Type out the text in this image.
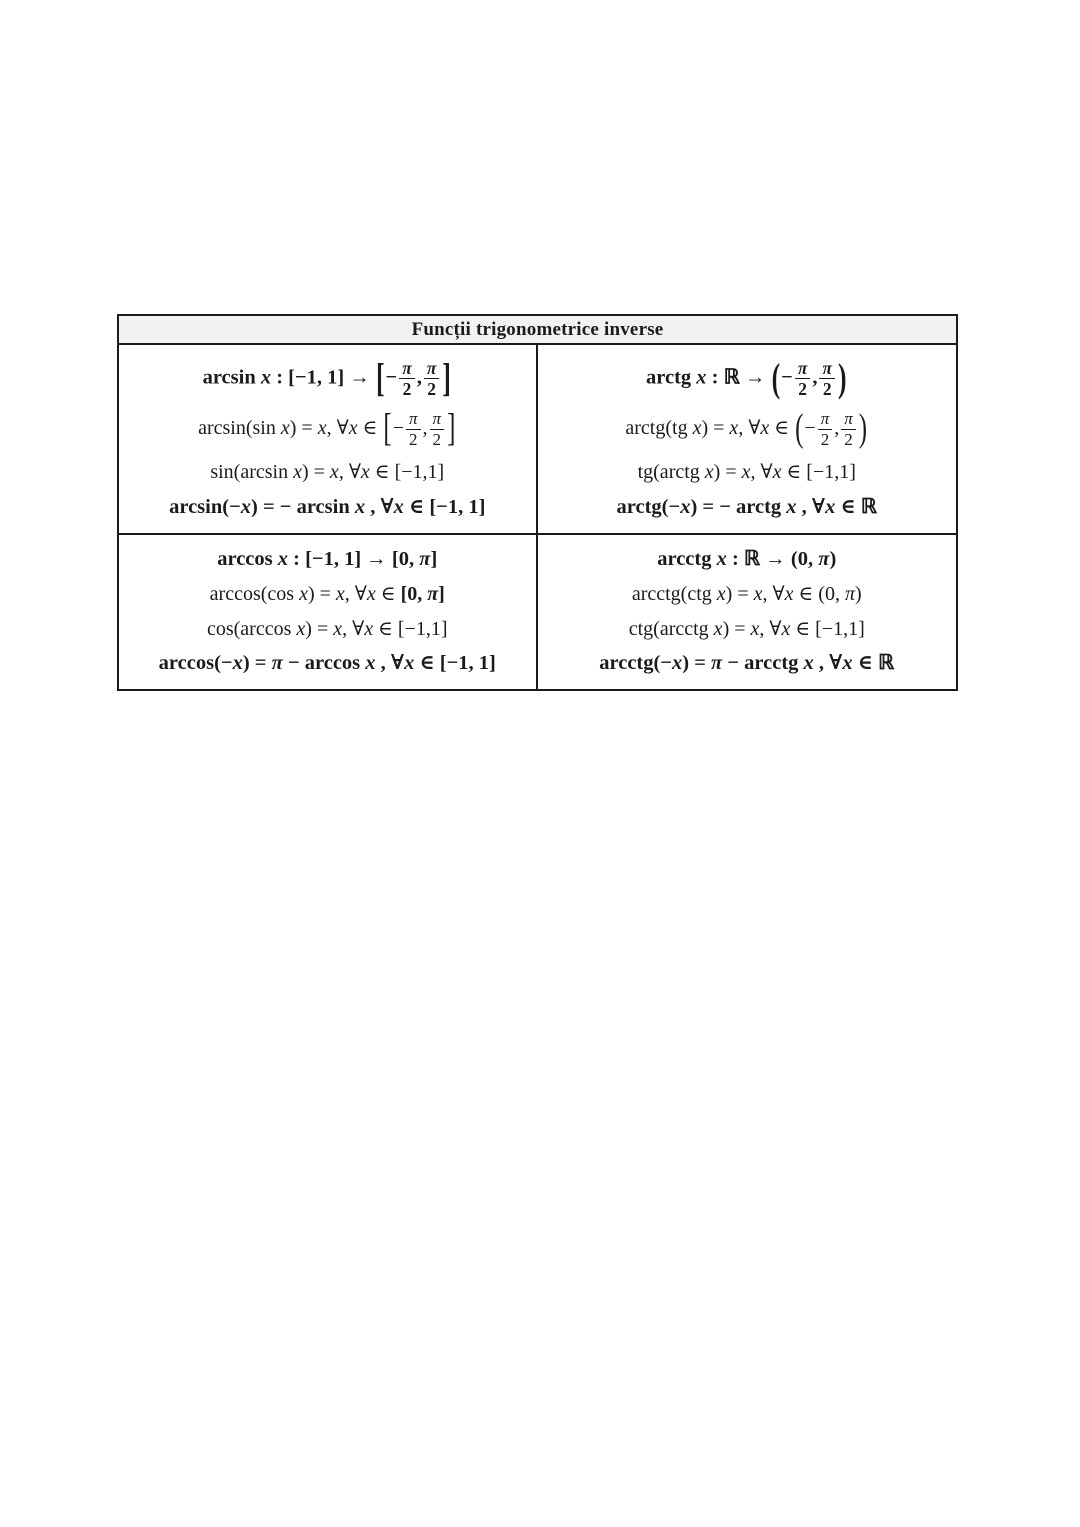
Funcții trigonometrice inverse
arcsin x : [−1, 1] → [− $\frac{\pi}{2}$ , $\frac{\pi}{2}$ ]
arcsin(sin x) = x, ∀x ∈ [− $\frac{\pi}{2}$ , $\frac{\pi}{2}$ ]
sin(arcsin x) = x, ∀x ∈ [−1,1]
arcsin(−x) = − arcsin x , ∀x ∈ [−1, 1]
arctg x : ℝ → (− $\frac{\pi}{2}$ , $\frac{\pi}{2}$ )
arctg(tg x) = x, ∀x ∈ (− $\frac{\pi}{2}$ , $\frac{\pi}{2}$ )
tg(arctg x) = x, ∀x ∈ [−1,1]
arctg(−x) = − arctg x , ∀x ∈ ℝ
arccos x : [−1, 1] → [0, π]
arccos(cos x) = x, ∀x ∈ [0, π]
cos(arccos x) = x, ∀x ∈ [−1,1]
arccos(−x) = π − arccos x , ∀x ∈ [−1, 1]
arcctg x : ℝ → (0, π)
arcctg(ctg x) = x, ∀x ∈ (0, π)
ctg(arcctg x) = x, ∀x ∈ [−1,1]
arcctg(−x) = π − arcctg x , ∀x ∈ ℝ
